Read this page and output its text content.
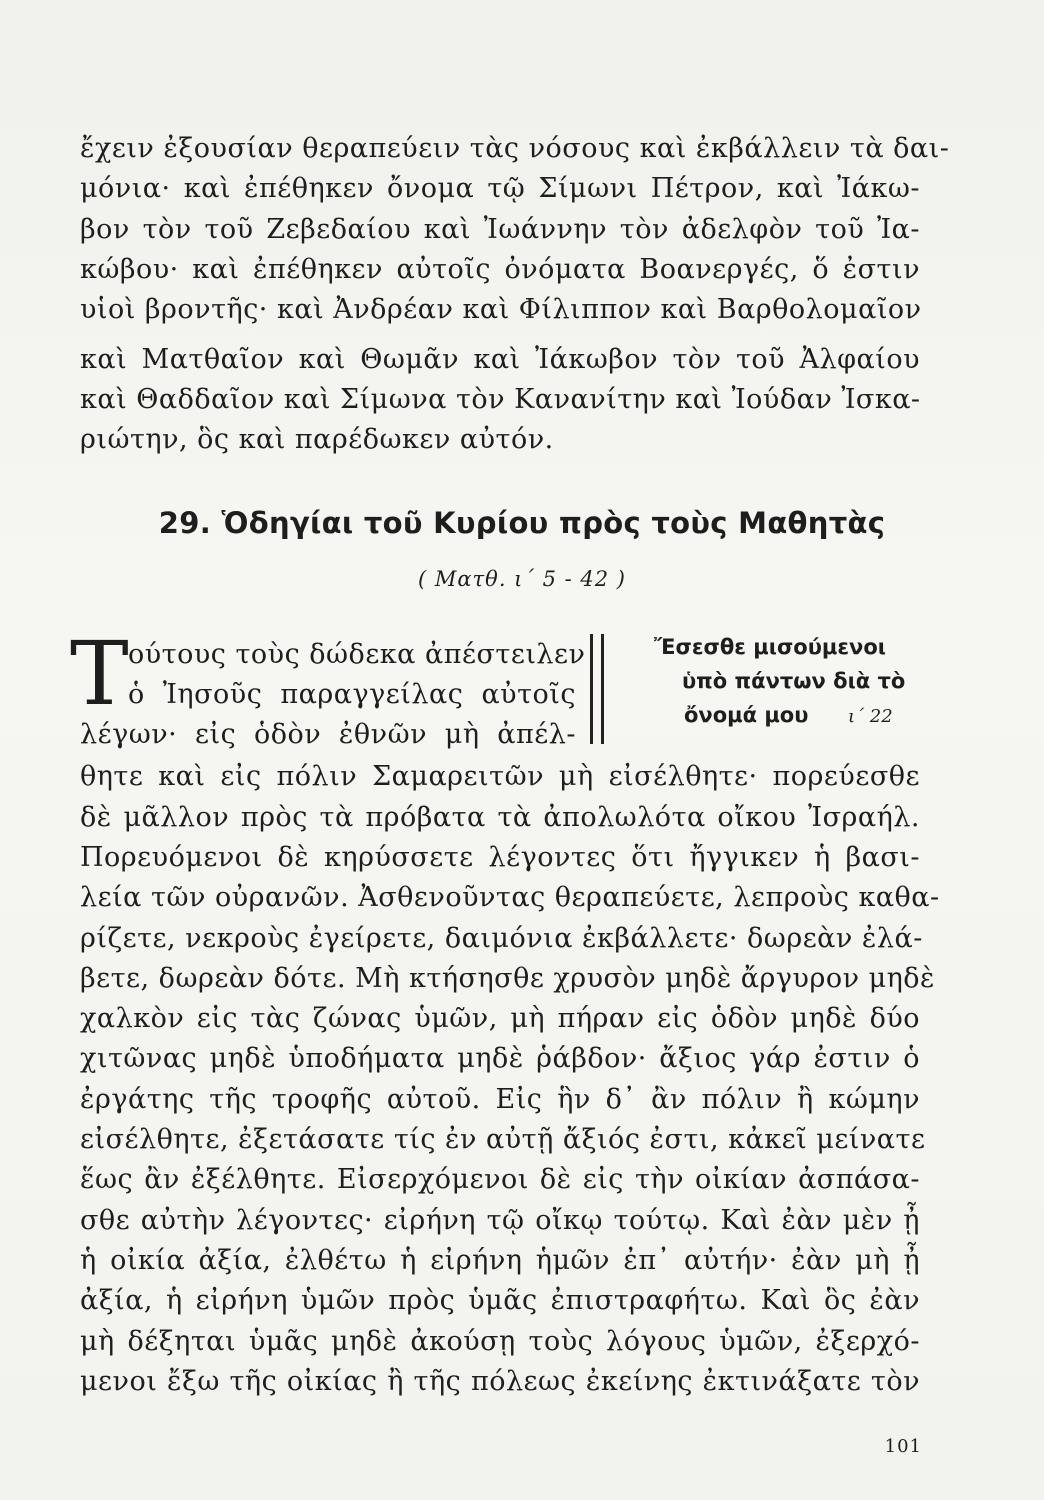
ἔχειν ἐξουσίαν θεραπεύειν τὰς νόσους καὶ ἐκβάλλειν τὰ δαι-
μόνια· καὶ ἐπέθηκεν ὄνομα τῷ Σίμωνι Πέτρον, καὶ Ἰάκω-
βον τὸν τοῦ Ζεβεδαίου καὶ Ἰωάννην τὸν ἀδελφὸν τοῦ Ἰα-
κώβου· καὶ ἐπέθηκεν αὐτοῖς ὀνόματα Βοανεργές, ὅ ἐστιν
υἱοὶ βροντῆς· καὶ Ἀνδρέαν καὶ Φίλιππον καὶ Βαρθολομαῖον
καὶ Ματθαῖον καὶ Θωμᾶν καὶ Ἰάκωβον τὸν τοῦ Ἀλφαίου
καὶ Θαδδαῖον καὶ Σίμωνα τὸν Κανανίτην καὶ Ἰούδαν Ἰσκα-
ριώτην, ὃς καὶ παρέδωκεν αὐτόν.
29. Ὁδηγίαι τοῦ Κυρίου πρὸς τοὺς Μαθητὰς
( Ματθ. ι΄ 5 - 42 )
Τ ούτους τοὺς δώδεκα ἀπέστειλεν
ὁ Ἰησοῦς παραγγείλας αὐτοῖς
λέγων· εἰς ὁδὸν ἐθνῶν μὴ ἀπέλ-
Ἔσεσθε μισούμενοι
ὑπὸ πάντων διὰ τὸ
ὄνομά μου ι΄ 22
θητε καὶ εἰς πόλιν Σαμαρειτῶν μὴ εἰσέλθητε· πορεύεσθε
δὲ μᾶλλον πρὸς τὰ πρόβατα τὰ ἀπολωλότα οἴκου Ἰσραήλ.
Πορευόμενοι δὲ κηρύσσετε λέγοντες ὅτι ἤγγικεν ἡ βασι-
λεία τῶν οὐρανῶν. Ἀσθενοῦντας θεραπεύετε, λεπροὺς καθα-
ρίζετε, νεκροὺς ἐγείρετε, δαιμόνια ἐκβάλλετε· δωρεὰν ἐλά-
βετε, δωρεὰν δότε. Μὴ κτήσησθε χρυσὸν μηδὲ ἄργυρον μηδὲ
χαλκὸν εἰς τὰς ζώνας ὑμῶν, μὴ πήραν εἰς ὁδὸν μηδὲ δύο
χιτῶνας μηδὲ ὑποδήματα μηδὲ ῥάβδον· ἄξιος γάρ ἐστιν ὁ
ἐργάτης τῆς τροφῆς αὐτοῦ. Εἰς ἣν δ᾽ ἂν πόλιν ἢ κώμην
εἰσέλθητε, ἐξετάσατε τίς ἐν αὐτῇ ἄξιός ἐστι, κἀκεῖ μείνατε
ἕως ἂν ἐξέλθητε. Εἰσερχόμενοι δὲ εἰς τὴν οἰκίαν ἀσπάσα-
σθε αὐτὴν λέγοντες· εἰρήνη τῷ οἴκῳ τούτῳ. Καὶ ἐὰν μὲν ᾖ
ἡ οἰκία ἀξία, ἐλθέτω ἡ εἰρήνη ἡμῶν ἐπ᾽ αὐτήν· ἐὰν μὴ ᾖ
ἀξία, ἡ εἰρήνη ὑμῶν πρὸς ὑμᾶς ἐπιστραφήτω. Καὶ ὃς ἐὰν
μὴ δέξηται ὑμᾶς μηδὲ ἀκούσῃ τοὺς λόγους ὑμῶν, ἐξερχό-
μενοι ἔξω τῆς οἰκίας ἢ τῆς πόλεως ἐκείνης ἐκτινάξατε τὸν
101
